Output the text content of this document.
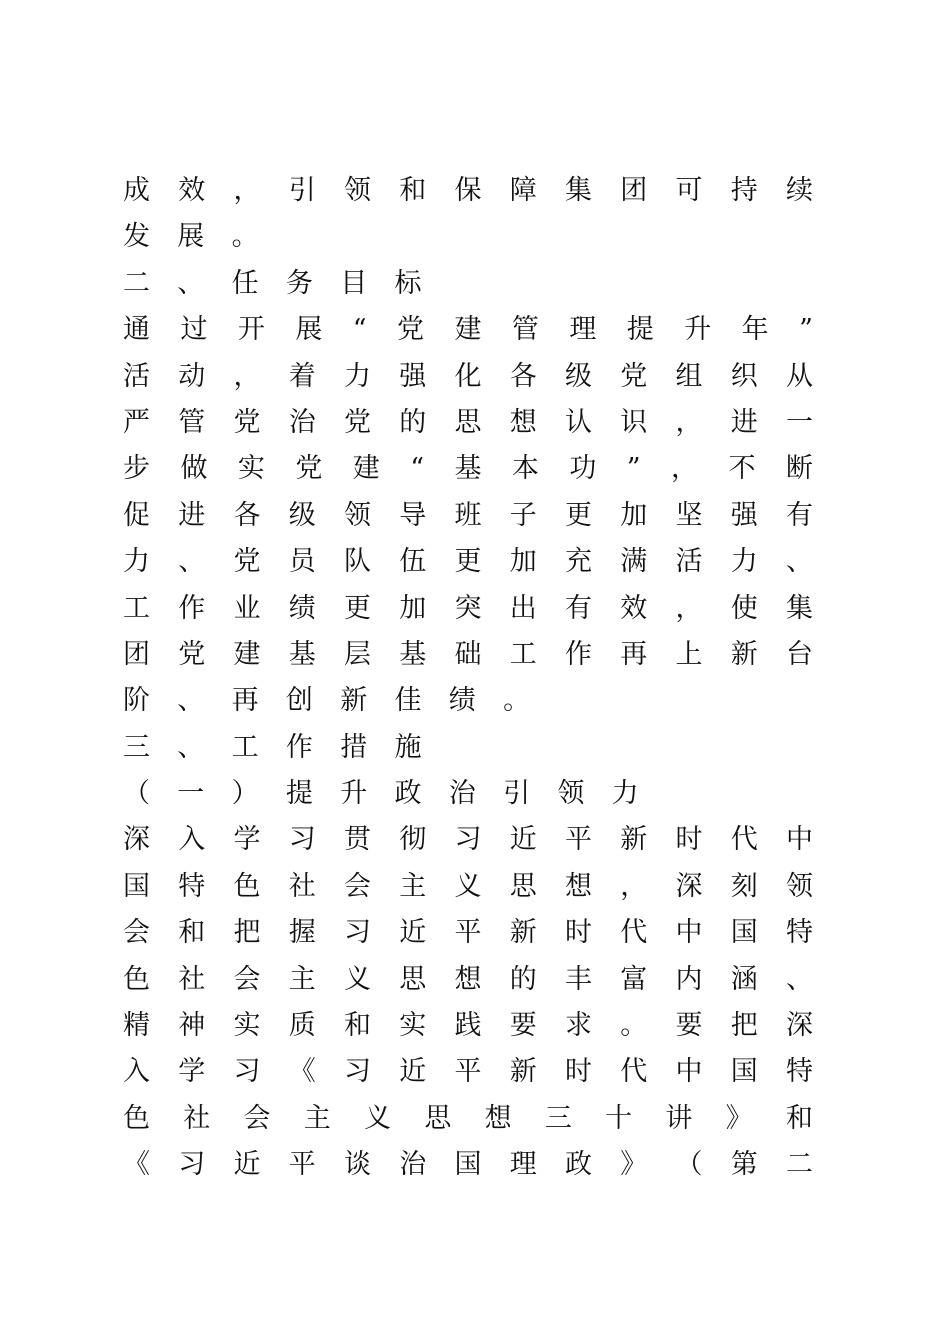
成 效 ， 引 领 和 保 障 集 团 可 持 续
发	展	。
二	、	任	务	目	标
通 过 开 展 “ 党 建 管 理 提 升 年 ”
活 动 ， 着 力 强 化 各 级 党 组 织 从
严 管 党 治 党 的 思 想 认 识 ， 进 一
步 做 实 党 建 “ 基 本 功 ” ， 不 断
促 进 各 级 领 导 班 子 更 加 坚 强 有
力 、 党 员 队 伍 更 加 充 满 活 力 、
工 作 业 绩 更 加 突 出 有 效 ， 使 集
团 党 建 基 层 基 础 工 作 再 上 新 台
阶	、	再	创	新	佳	绩	。
三	、	工	作	措	施
（	一	）	提	升	政	治	引	领	力
深 入 学 习 贯 彻 习 近 平 新 时 代 中
国 特 色 社 会 主 义 思 想 ， 深 刻 领
会 和 把 握 习 近 平 新 时 代 中 国 特
色 社 会 主 义 思 想 的 丰 富 内 涵 、
精 神 实 质 和 实 践 要 求 。 要 把 深
入 学 习 《 习 近 平 新 时 代 中 国 特
色 社 会 主 义 思 想 三 十 讲 》 和
《 习 近 平 谈 治 国 理 政 》 （ 第 二
